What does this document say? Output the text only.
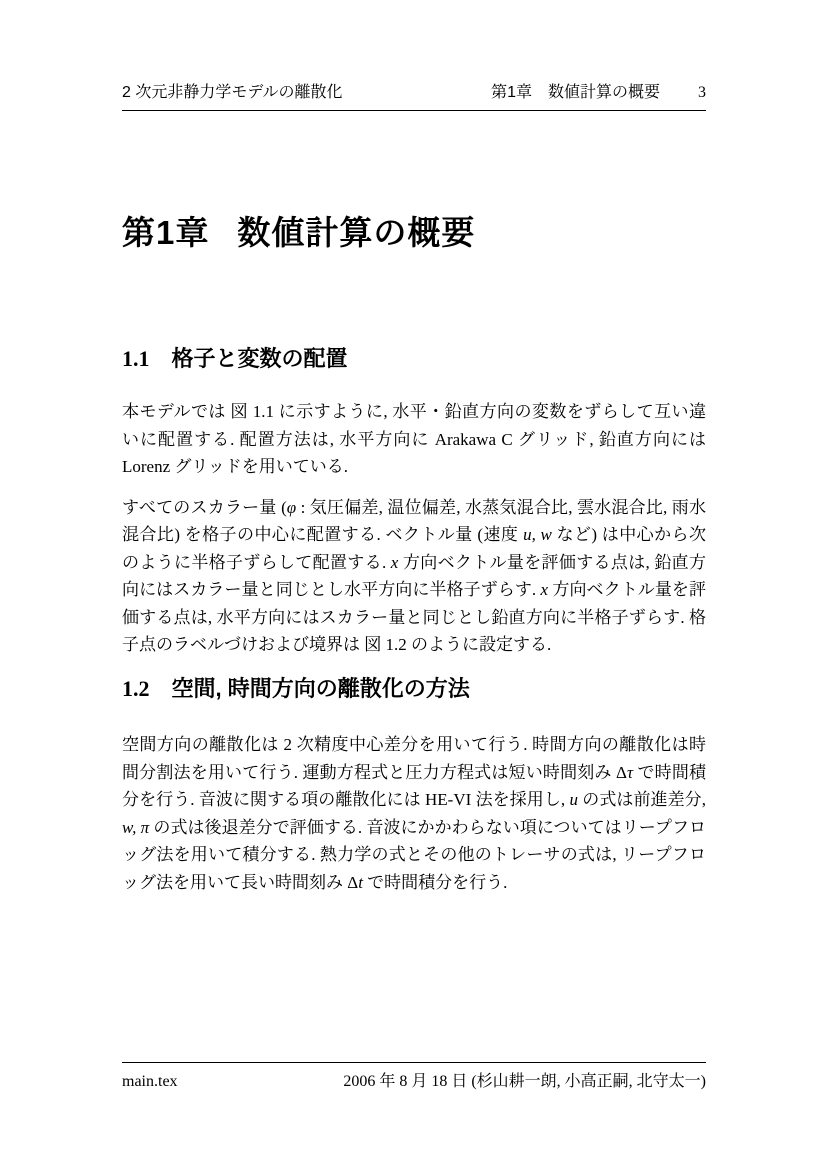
2 次元非静力学モデルの離散化	第1章 数値計算の概要 3
第1章 数値計算の概要
1.1 格子と変数の配置

本モデルでは 図 1.1 に示すように, 水平・鉛直方向の変数をずらして互い違いに配置する. 配置方法は, 水平方向に Arakawa C グリッド, 鉛直方向には Lorenz グリッドを用いている.

すべてのスカラー量 (φ : 気圧偏差, 温位偏差, 水蒸気混合比, 雲水混合比, 雨水混合比) を格子の中心に配置する. ベクトル量 (速度 u, w など) は中心から次のように半格子ずらして配置する. x 方向ベクトル量を評価する点は, 鉛直方向にはスカラー量と同じとし水平方向に半格子ずらす. x 方向ベクトル量を評価する点は, 水平方向にはスカラー量と同じとし鉛直方向に半格子ずらす. 格子点のラベルづけおよび境界は 図 1.2 のように設定する.

1.2 空間, 時間方向の離散化の方法

空間方向の離散化は 2 次精度中心差分を用いて行う. 時間方向の離散化は時間分割法を用いて行う. 運動方程式と圧力方程式は短い時間刻み Δτ で時間積分を行う. 音波に関する項の離散化には HE-VI 法を採用し, u の式は前進差分, w, π の式は後退差分で評価する. 音波にかかわらない項についてはリープフロッグ法を用いて積分する. 熱力学の式とその他のトレーサの式は, リープフロッグ法を用いて長い時間刻み Δt で時間積分を行う.

main.tex	2006 年 8 月 18 日 (杉山耕一朗, 小高正嗣, 北守太一)
